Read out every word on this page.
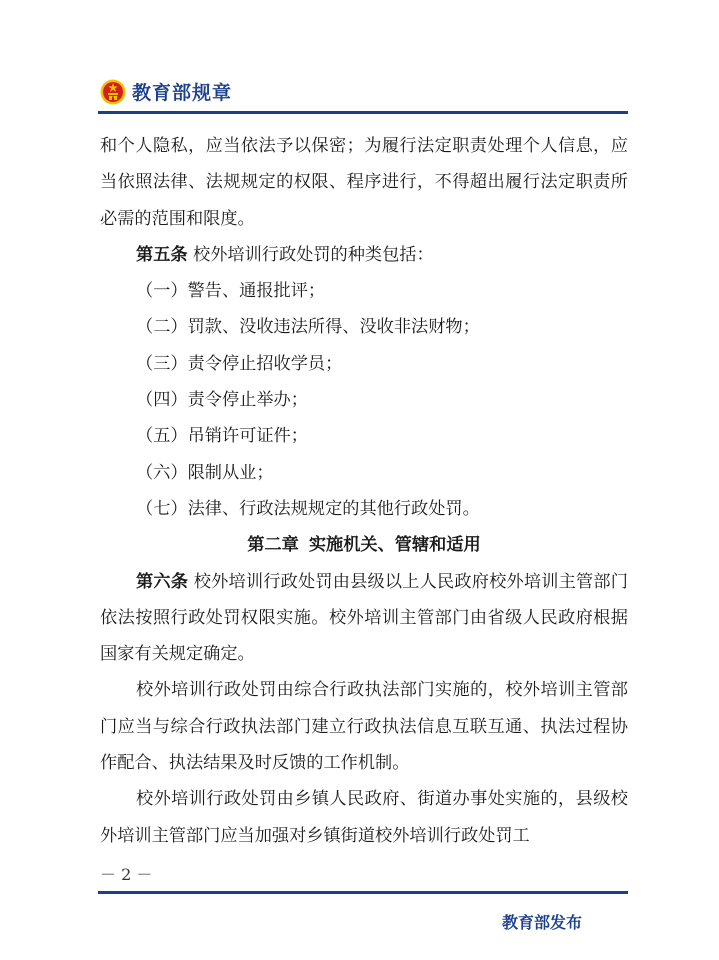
教育部规章

和个人隐私，应当依法予以保密；为履行法定职责处理个人信息，应当依照法律、法规规定的权限、程序进行，不得超出履行法定职责所必需的范围和限度。

第五条 校外培训行政处罚的种类包括：

（一）警告、通报批评；

（二）罚款、没收违法所得、没收非法财物；

（三）责令停止招收学员；

（四）责令停止举办；

（五）吊销许可证件；

（六）限制从业；

（七）法律、行政法规规定的其他行政处罚。

第二章 实施机关、管辖和适用

第六条 校外培训行政处罚由县级以上人民政府校外培训主管部门依法按照行政处罚权限实施。校外培训主管部门由省级人民政府根据国家有关规定确定。

校外培训行政处罚由综合行政执法部门实施的，校外培训主管部门应当与综合行政执法部门建立行政执法信息互联互通、执法过程协作配合、执法结果及时反馈的工作机制。

校外培训行政处罚由乡镇人民政府、街道办事处实施的，县级校外培训主管部门应当加强对乡镇街道校外培训行政处罚工

－ 2 －
教育部发布
